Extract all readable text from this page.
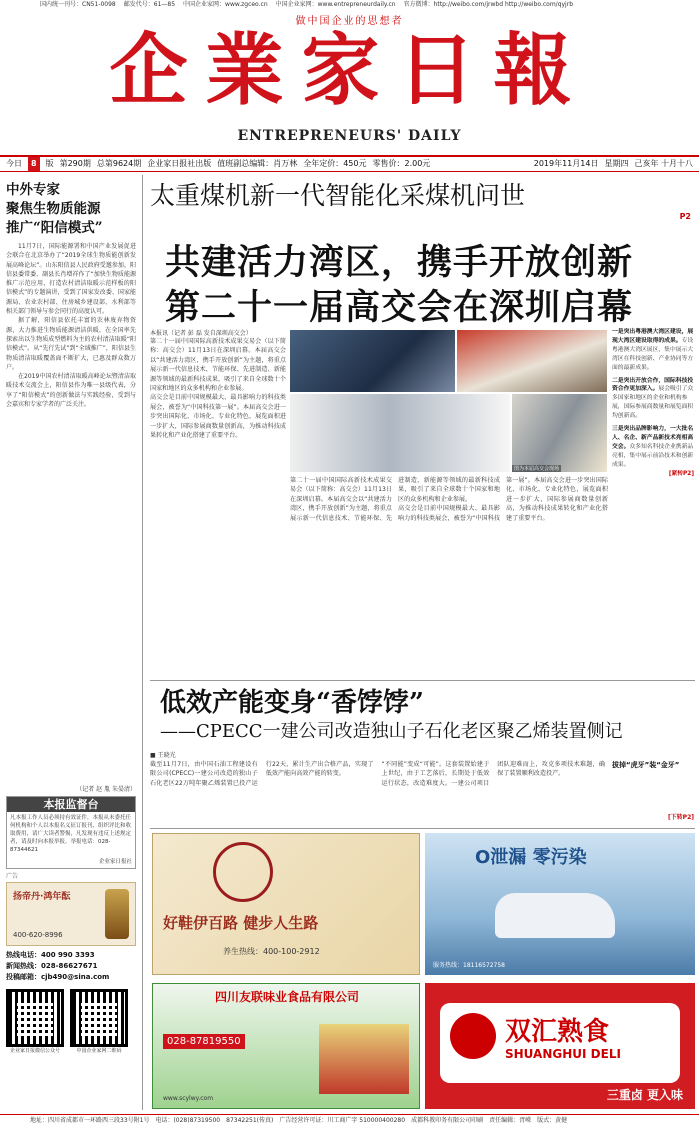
国内统一刊号：CN51-0098 邮发代号：61—85 中国企业家网：www.zgceo.cn 中国企业家网：www.entrepreneurdaily.cn 官方微博：http://weibo.com/jrwbd http://weibo.com/qyjrb
做中国企业的思想者
企業家日報
ENTREPRENEURS' DAILY
今日	8	版 第290期 总第9624期 企业家日报社出版 值班副总编辑：肖万林 全年定价：450元 零售价：2.00元	2019年11月14日 星期四 己亥年 十月十八
中外专家
聚焦生物质能源
推广“阳信模式”

11月7日，国际能源署和中国产业发展促进会联合在北京举办了“2019全球生物质能创新发展高峰论坛”。山东阳信县人民政府受邀参加，阳信县委常委、副县长肖增祥作了“加快生物质能源推广示范应用，打造农村清洁取暖示范样板的阳信模式”的专题演讲，受到了国家发改委、国家能源局、农业农村部、住房城乡建设部、水利部等相关部门领导与参会同行的高度认可。

据了解，阳信县依托丰富的农林废弃物资源，大力推进生物质能源清洁供暖，在全国率先探索出以生物质成型燃料为主的农村清洁取暖“阳信模式”。从“先行先试”到“全域推广”，阳信县生物质清洁取暖覆盖面不断扩大，已惠及群众数万户。

在2019中国农村清洁取暖高峰论坛暨清洁取暖技术交流会上，阳信县作为唯一县级代表，分享了“阳信模式”的创新做法与实践经验，受到与会嘉宾和专家学者的广泛关注。

（记者 赵 胤 朱晏清）
本报监督台
凡本报工作人员必须持有效证件，本报从未委托任何机构和个人以本报名义征订报刊、组织评比和收取费用，请广大读者警惕，凡发现有违反上述规定者，请及时向本报举报。举报电话：028-87344621
企业家日报社
广告
扬帝丹·鸿年酝
400-620-8996
热线电话：400 990 3393
新闻热线：028-86627671
投稿邮箱：cjb490@sina.com
企业家日报微信公众号	中国企业家网二维码
太重煤机新一代智能化采煤机问世
P2
共建活力湾区，携手开放创新
第二十一届高交会在深圳启幕
本报讯（记者 彭 磊 发自深圳高交会）

第二十一届中国国际高新技术成果交易会（以下简称：高交会）11月13日在深圳启幕。本届高交会以“共建活力湾区，携手开放创新”为主题，将重点展示新一代信息技术、节能环保、先进制造、新能源等领域的最新科技成果，吸引了来自全球数十个国家和地区的众多机构和企业参展。

高交会是目前中国规模最大、最具影响力的科技类展会，被誉为“中国科技第一展”。本届高交会进一步突出国际化、市场化、专业化特色，展览面积进一步扩大，国际参展商数量创新高，为推动科技成果转化和产业化搭建了重要平台。

图为本届高交会现场

第二十一届中国国际高新技术成果交易会（以下简称：高交会）11月13日在深圳启幕。本届高交会以“共建活力湾区，携手开放创新”为主题，将重点展示新一代信息技术、节能环保、先进制造、新能源等领域的最新科技成果，吸引了来自全球数十个国家和地区的众多机构和企业参展。

高交会是目前中国规模最大、最具影响力的科技类展会，被誉为“中国科技第一展”。本届高交会进一步突出国际化、市场化、专业化特色，展览面积进一步扩大，国际参展商数量创新高，为推动科技成果转化和产业化搭建了重要平台。

一是突出粤港澳大湾区建设，展现大湾区建设取得的成果。专设粤港澳大湾区展区，集中展示大湾区在科技创新、产业协同等方面的最新成果。

二是突出开放合作，国际科技投资合作更加深入。展会吸引了众多国家和地区的企业和机构参展，国际参展商数量和展览面积均创新高。

三是突出品牌影响力，一大批名人、名企、新产品新技术亮相高交会。众多知名科技企业携新品亮相，集中展示前沿技术和创新成果。

[紧转P2]

低效产能变身“香饽饽”
——CPECC一建公司改造独山子石化老区聚乙烯装置侧记
■ 王晓光

截至11月7日，由中国石油工程建设有限公司(CPECC)一建公司改造的独山子石化老区22万吨年聚乙烯装置已投产运行22天，累计生产出合格产品，实现了低效产能向高效产能的转变。

“不同能”变成“可能”。这套装置始建于上世纪，由于工艺落后，长期处于低效运行状态，改造难度大。一建公司项目团队迎难而上，攻克多项技术难题，确保了装置顺利改造投产。

拔掉“虎牙”装“金牙”
[下转P2]
好鞋伊百路 健步人生路
养生热线：400-100-2912
O泄漏 零污染
服务热线：18116572758
四川友联味业食品有限公司
028-87819550
www.scylwy.com
双汇熟食
SHUANGHUI DELI
三重卤 更入味
地址：四川省成都市一环路西三段33号附1号　电话：(028)87319500　87342251(传真)　广告经营许可证：川工商广字 510000400280　成都科教印务有限公司印刷　责任编辑：胥嵘　版式：黄健
